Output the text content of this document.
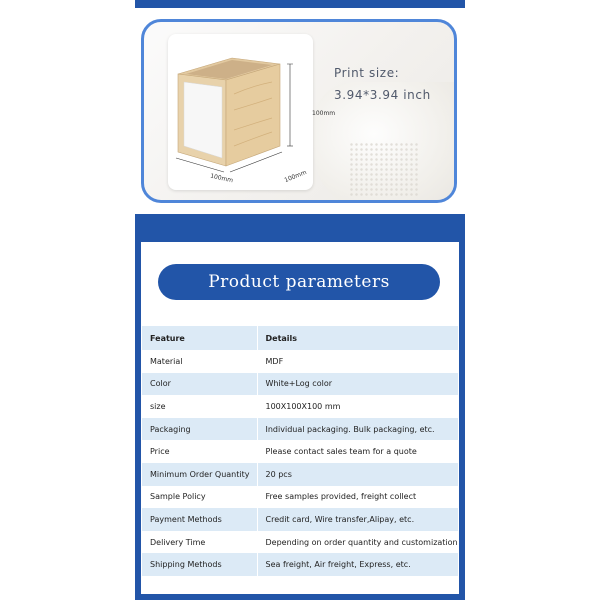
100mm
100mm	100mm
Print size:
3.94*3.94 inch
Product parameters
Feature	Details
Material	MDF
Color	White+Log color
size	100X100X100 mm
Packaging	Individual packaging. Bulk packaging, etc.
Price	Please contact sales team for a quote
Minimum Order Quantity	20 pcs
Sample Policy	Free samples provided, freight collect
Payment Methods	Credit card, Wire transfer,Alipay, etc.
Delivery Time	Depending on order quantity and customization
Shipping Methods	Sea freight, Air freight, Express, etc.
